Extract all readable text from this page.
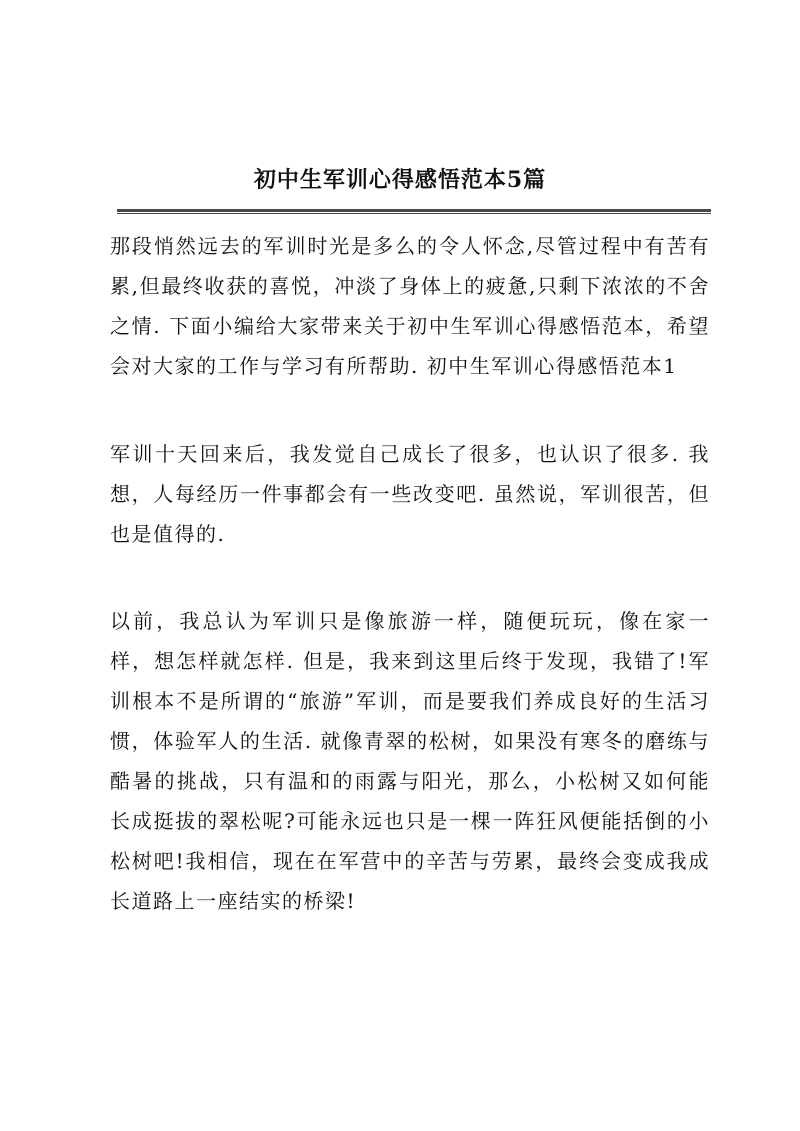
初中生军训心得感悟范本5篇

那段悄然远去的军训时光是多么的令人怀念,尽管过程中有苦有累,但最终收获的喜悦，冲淡了身体上的疲惫,只剩下浓浓的不舍之情. 下面小编给大家带来关于初中生军训心得感悟范本，希望会对大家的工作与学习有所帮助. 初中生军训心得感悟范本1

军训十天回来后，我发觉自己成长了很多，也认识了很多. 我想，人每经历一件事都会有一些改变吧. 虽然说，军训很苦，但也是值得的.

以前，我总认为军训只是像旅游一样，随便玩玩，像在家一样，想怎样就怎样. 但是，我来到这里后终于发现，我错了!军训根本不是所谓的“旅游”军训，而是要我们养成良好的生活习惯，体验军人的生活. 就像青翠的松树，如果没有寒冬的磨练与酷暑的挑战，只有温和的雨露与阳光，那么，小松树又如何能长成挺拔的翠松呢?可能永远也只是一棵一阵狂风便能括倒的小松树吧!我相信，现在在军营中的辛苦与劳累，最终会变成我成长道路上一座结实的桥梁!
